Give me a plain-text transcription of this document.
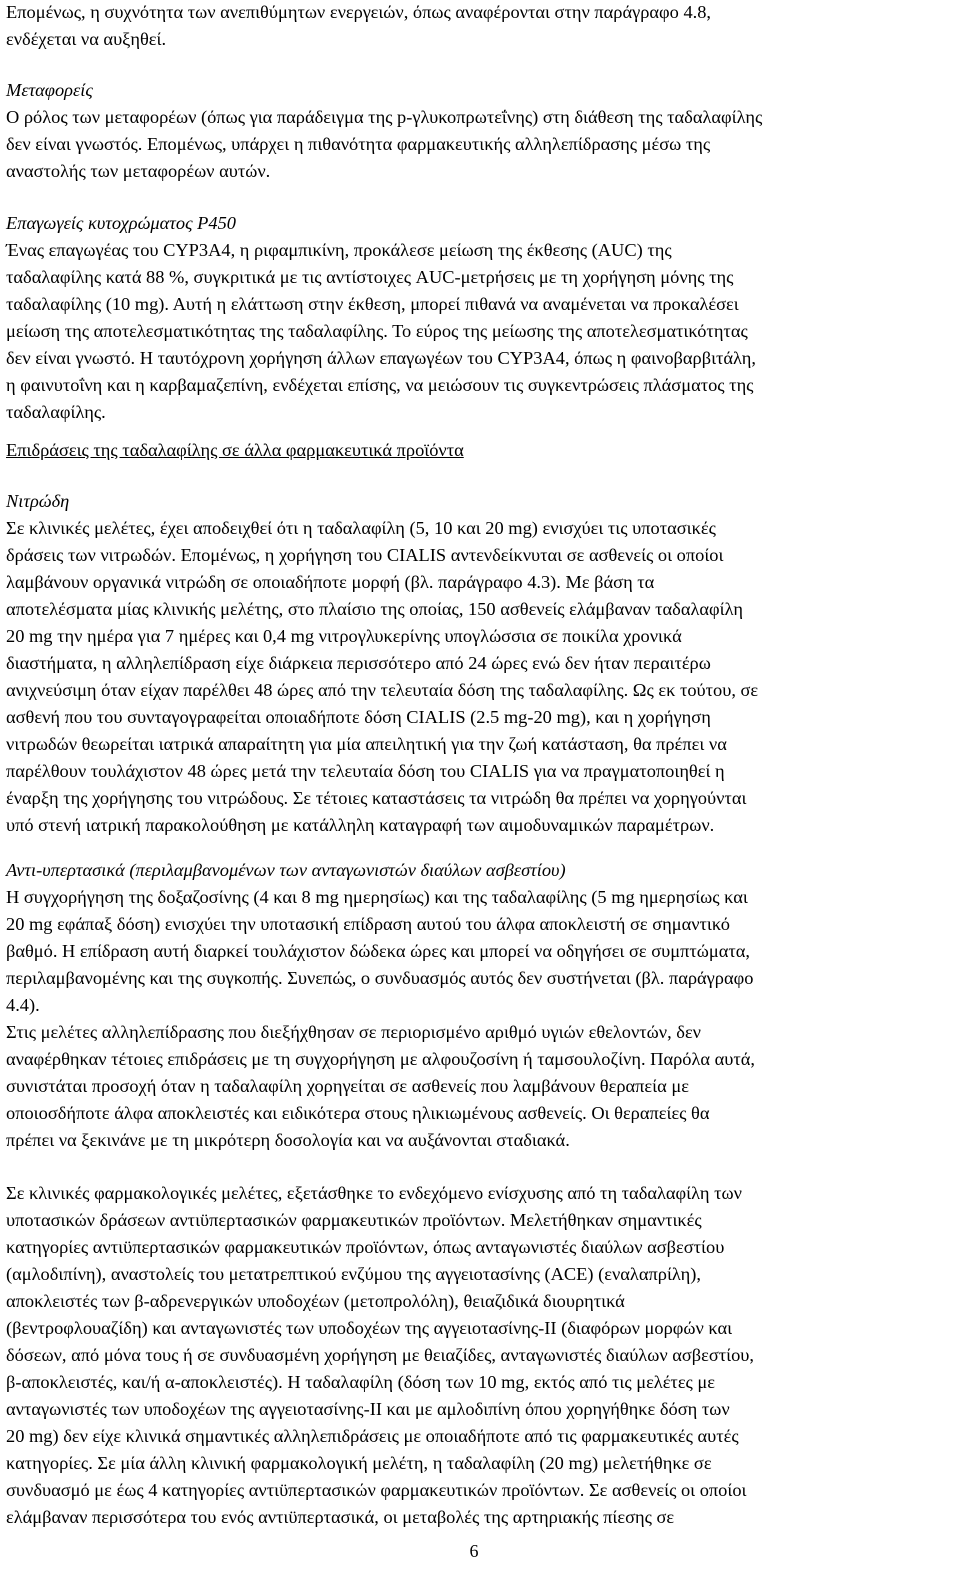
Επομένως, η συχνότητα των ανεπιθύμητων ενεργειών, όπως αναφέρονται στην παράγραφο 4.8,
ενδέχεται να αυξηθεί.
Μεταφορείς
Ο ρόλος των μεταφορέων (όπως για παράδειγμα της p-γλυκοπρωτεΐνης) στη διάθεση της ταδαλαφίλης
δεν είναι γνωστός. Επομένως, υπάρχει η πιθανότητα φαρμακευτικής αλληλεπίδρασης μέσω της
αναστολής των μεταφορέων αυτών.
Επαγωγείς κυτοχρώματος P450
Ένας επαγωγέας του CYP3A4, η ριφαμπικίνη, προκάλεσε μείωση της έκθεσης (AUC) της
ταδαλαφίλης κατά 88 %, συγκριτικά με τις αντίστοιχες AUC-μετρήσεις με τη χορήγηση μόνης της
ταδαλαφίλης (10 mg). Αυτή η ελάττωση στην έκθεση, μπορεί πιθανά να αναμένεται να προκαλέσει
μείωση της αποτελεσματικότητας της ταδαλαφίλης. Το εύρος της μείωσης της αποτελεσματικότητας
δεν είναι γνωστό. Η ταυτόχρονη χορήγηση άλλων επαγωγέων του CYP3A4, όπως η φαινοβαρβιτάλη,
η φαινυτοΐνη και η καρβαμαζεπίνη, ενδέχεται επίσης, να μειώσουν τις συγκεντρώσεις πλάσματος της
ταδαλαφίλης.
Επιδράσεις της ταδαλαφίλης σε άλλα φαρμακευτικά προϊόντα
Νιτρώδη
Σε κλινικές μελέτες, έχει αποδειχθεί ότι η ταδαλαφίλη (5, 10 και 20 mg) ενισχύει τις υποτασικές
δράσεις των νιτρωδών. Επομένως, η χορήγηση του CIALIS αντενδείκνυται σε ασθενείς οι οποίοι
λαμβάνουν οργανικά νιτρώδη σε οποιαδήποτε μορφή (βλ. παράγραφο 4.3). Με βάση τα
αποτελέσματα μίας κλινικής μελέτης, στο πλαίσιο της οποίας, 150 ασθενείς ελάμβαναν ταδαλαφίλη
20 mg την ημέρα για 7 ημέρες και 0,4 mg νιτρογλυκερίνης υπογλώσσια σε ποικίλα χρονικά
διαστήματα, η αλληλεπίδραση είχε διάρκεια περισσότερο από 24 ώρες ενώ δεν ήταν περαιτέρω
ανιχνεύσιμη όταν είχαν παρέλθει 48 ώρες από την τελευταία δόση της ταδαλαφίλης. Ως εκ τούτου, σε
ασθενή που του συνταγογραφείται οποιαδήποτε δόση CIALIS (2.5 mg-20 mg), και η χορήγηση
νιτρωδών θεωρείται ιατρικά απαραίτητη για μία απειλητική για την ζωή κατάσταση, θα πρέπει να
παρέλθουν τουλάχιστον 48 ώρες μετά την τελευταία δόση του CIALIS για να πραγματοποιηθεί η
έναρξη της χορήγησης του νιτρώδους. Σε τέτοιες καταστάσεις τα νιτρώδη θα πρέπει να χορηγούνται
υπό στενή ιατρική παρακολούθηση με κατάλληλη καταγραφή των αιμοδυναμικών παραμέτρων.
Αντι-υπερτασικά (περιλαμβανομένων των ανταγωνιστών διαύλων ασβεστίου)
Η συγχορήγηση της δοξαζοσίνης (4 και 8 mg ημερησίως) και της ταδαλαφίλης (5 mg ημερησίως και
20 mg εφάπαξ δόση) ενισχύει την υποτασική επίδραση αυτού του άλφα αποκλειστή σε σημαντικό
βαθμό. Η επίδραση αυτή διαρκεί τουλάχιστον δώδεκα ώρες και μπορεί να οδηγήσει σε συμπτώματα,
περιλαμβανομένης και της συγκοπής. Συνεπώς, ο συνδυασμός αυτός δεν συστήνεται (βλ. παράγραφο
4.4).
Στις μελέτες αλληλεπίδρασης που διεξήχθησαν σε περιορισμένο αριθμό υγιών εθελοντών, δεν
αναφέρθηκαν τέτοιες επιδράσεις με τη συγχορήγηση με αλφουζοσίνη ή ταμσουλοζίνη. Παρόλα αυτά,
συνιστάται προσοχή όταν η ταδαλαφίλη χορηγείται σε ασθενείς που λαμβάνουν θεραπεία με
οποιοσδήποτε άλφα αποκλειστές και ειδικότερα στους ηλικιωμένους ασθενείς. Οι θεραπείες θα
πρέπει να ξεκινάνε με τη μικρότερη δοσολογία και να αυξάνονται σταδιακά.
Σε κλινικές φαρμακολογικές μελέτες, εξετάσθηκε το ενδεχόμενο ενίσχυσης από τη ταδαλαφίλη των
υποτασικών δράσεων αντιϋπερτασικών φαρμακευτικών προϊόντων. Μελετήθηκαν σημαντικές
κατηγορίες αντιϋπερτασικών φαρμακευτικών προϊόντων, όπως ανταγωνιστές διαύλων ασβεστίου
(αμλοδιπίνη), αναστολείς του μετατρεπτικού ενζύμου της αγγειοτασίνης (ACE) (εναλαπρίλη),
αποκλειστές των β-αδρενεργικών υποδοχέων (μετοπρολόλη), θειαζιδικά διουρητικά
(βεντροφλουαζίδη) και ανταγωνιστές των υποδοχέων της αγγειοτασίνης-ΙΙ (διαφόρων μορφών και
δόσεων, από μόνα τους ή σε συνδυασμένη χορήγηση με θειαζίδες, ανταγωνιστές διαύλων ασβεστίου,
β-αποκλειστές, και/ή α-αποκλειστές). Η ταδαλαφίλη (δόση των 10 mg, εκτός από τις μελέτες με
ανταγωνιστές των υποδοχέων της αγγειοτασίνης-ΙΙ και με αμλοδιπίνη όπου χορηγήθηκε δόση των
20 mg) δεν είχε κλινικά σημαντικές αλληλεπιδράσεις με οποιαδήποτε από τις φαρμακευτικές αυτές
κατηγορίες. Σε μία άλλη κλινική φαρμακολογική μελέτη, η ταδαλαφίλη (20 mg) μελετήθηκε σε
συνδυασμό με έως 4 κατηγορίες αντιϋπερτασικών φαρμακευτικών προϊόντων. Σε ασθενείς οι οποίοι
ελάμβαναν περισσότερα του ενός αντιϋπερτασικά, οι μεταβολές της αρτηριακής πίεσης σε
6
